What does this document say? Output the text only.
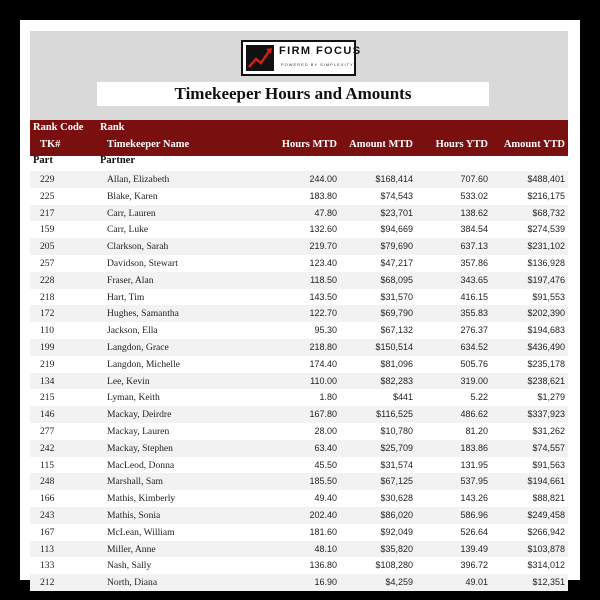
FIRM FOCUS
POWERED BY SIMPLEXITY
Timekeeper Hours and Amounts
Rank Code Rank
TK#	Timekeeper Name	Hours MTD Amount MTD Hours YTD Amount YTD
Part	Partner
229	Allan, Elizabeth	244.00	$168,414	707.60	$488,401
225	Blake, Karen	183.80	$74,543	533.02	$216,175
217	Carr, Lauren	47.80	$23,701	138.62	$68,732
159	Carr, Luke	132.60	$94,669	384.54	$274,539
205	Clarkson, Sarah	219.70	$79,690	637.13	$231,102
257	Davidson, Stewart	123.40	$47,217	357.86	$136,928
228	Fraser, Alan	118.50	$68,095	343.65	$197,476
218	Hart, Tim	143.50	$31,570	416.15	$91,553
172	Hughes, Samantha	122.70	$69,790	355.83	$202,390
110	Jackson, Ella	95.30	$67,132	276.37	$194,683
199	Langdon, Grace	218.80	$150,514	634.52	$436,490
219	Langdon, Michelle	174.40	$81,096	505.76	$235,178
134	Lee, Kevin	110.00	$82,283	319.00	$238,621
215	Lyman, Keith	1.80	$441	5.22	$1,279
146	Mackay, Deirdre	167.80	$116,525	486.62	$337,923
277	Mackay, Lauren	28.00	$10,780	81.20	$31,262
242	Mackay, Stephen	63.40	$25,709	183.86	$74,557
115	MacLeod, Donna	45.50	$31,574	131.95	$91,563
248	Marshall, Sam	185.50	$67,125	537.95	$194,661
166	Mathis, Kimberly	49.40	$30,628	143.26	$88,821
243	Mathis, Sonia	202.40	$86,020	586.96	$249,458
167	McLean, William	181.60	$92,049	526.64	$266,942
113	Miller, Anne	48.10	$35,820	139.49	$103,878
133	Nash, Sally	136.80	$108,280	396.72	$314,012
212	North, Diana	16.90	$4,259	49.01	$12,351
